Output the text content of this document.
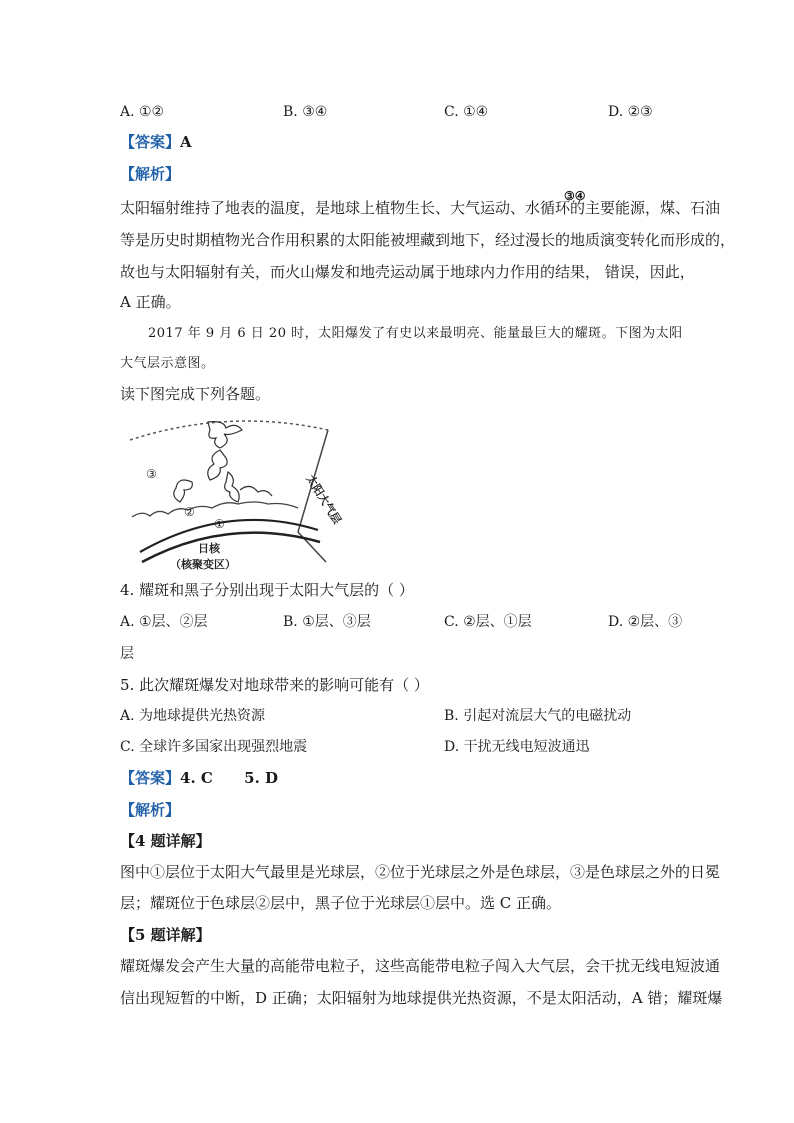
A. ①②	B. ③④	C. ①④	D. ②③
【答案】A
【解析】
③④
太阳辐射维持了地表的温度，是地球上植物生长、大气运动、水循环的主要能源，煤、石油
等是历史时期植物光合作用积累的太阳能被埋藏到地下，经过漫长的地质演变转化而形成的，
故也与太阳辐射有关，而火山爆发和地壳运动属于地球内力作用的结果， 错误，因此，
A 正确。
2017 年 9 月 6 日 20 时，太阳爆发了有史以来最明亮、能量最巨大的耀斑。下图为太阳
大气层示意图。
读下图完成下列各题。
③
②
①
日核
（核聚变区）
太阳大气层
4. 耀斑和黑子分别出现于太阳大气层的（ ）
A. ①层、②层	B. ①层、③层	C. ②层、①层	D. ②层、③
层
5. 此次耀斑爆发对地球带来的影响可能有（ ）
A. 为地球提供光热资源	B. 引起对流层大气的电磁扰动
C. 全球许多国家出现强烈地震	D. 干扰无线电短波通迅
【答案】4. C      5. D
【解析】
【4 题详解】
图中①层位于太阳大气最里是光球层，②位于光球层之外是色球层，③是色球层之外的日冕
层；耀斑位于色球层②层中，黑子位于光球层①层中。选 C 正确。
【5 题详解】
耀斑爆发会产生大量的高能带电粒子，这些高能带电粒子闯入大气层，会干扰无线电短波通
信出现短暂的中断，D 正确；太阳辐射为地球提供光热资源，不是太阳活动，A 错；耀斑爆
